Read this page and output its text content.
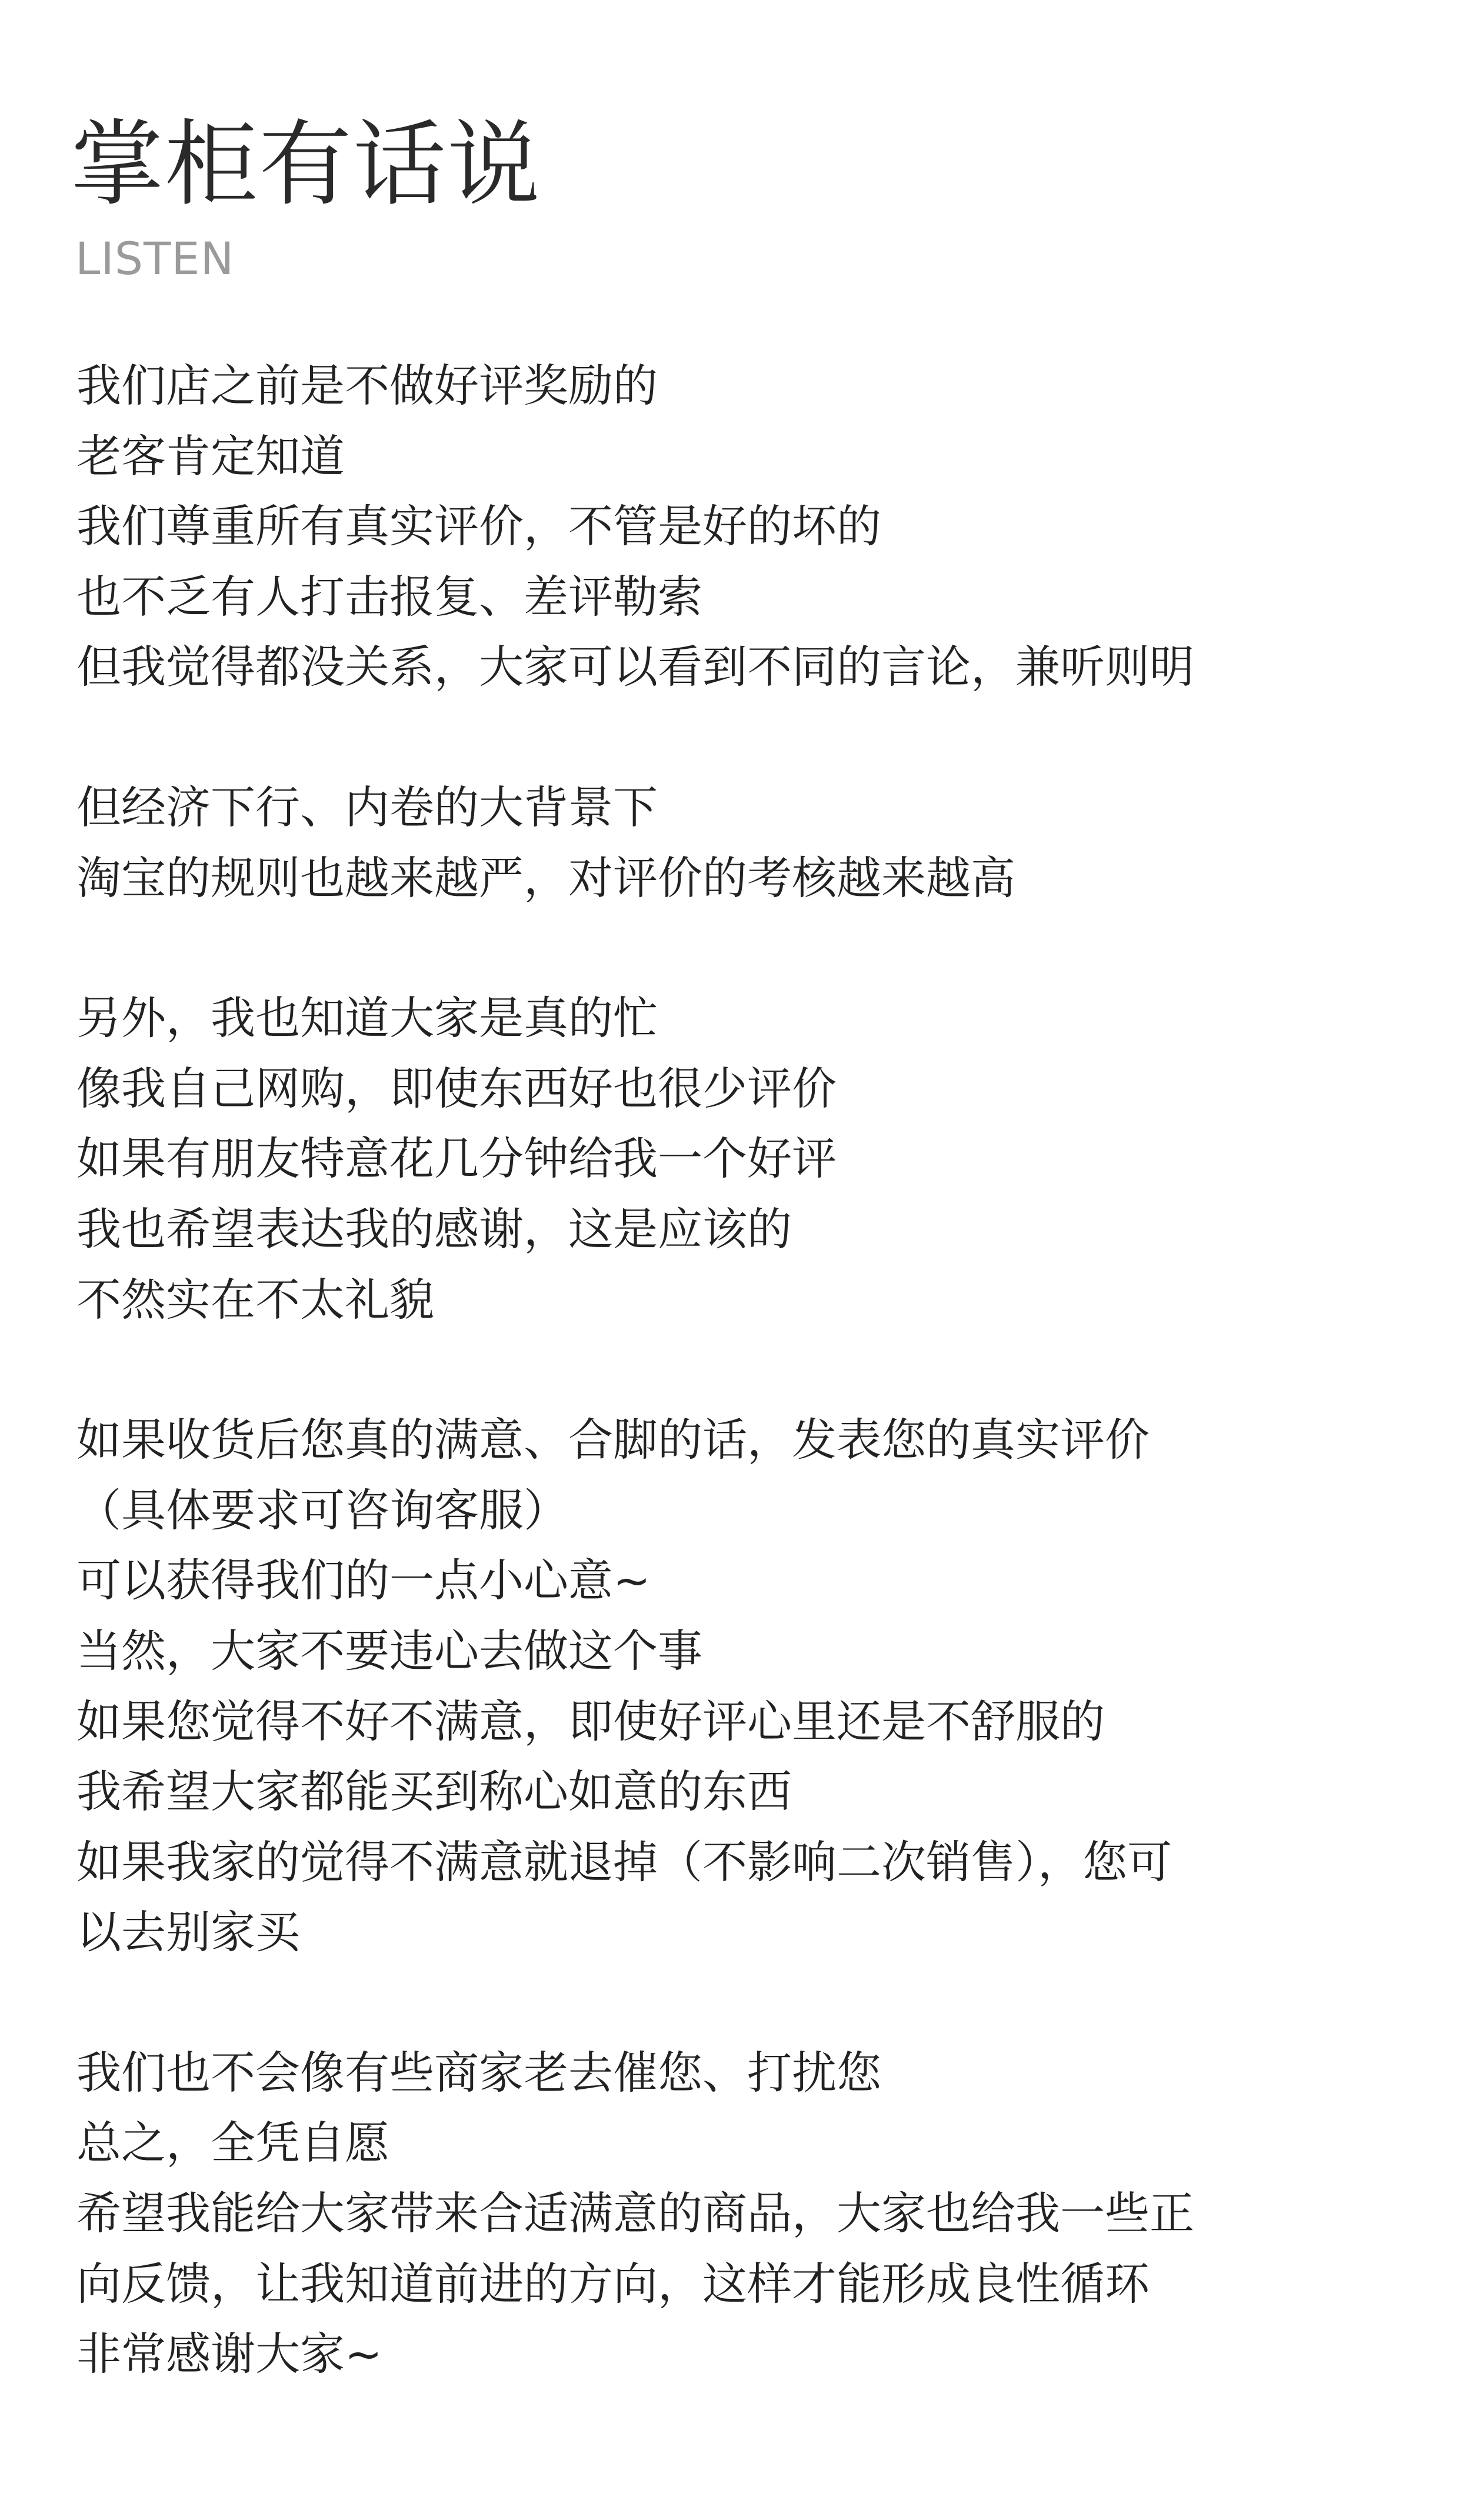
掌柜有话说
LISTEN
我们店之前是不做好评奖励的
老客肯定知道
我们尊重所有真实评价，不管是好的坏的
也不乏有人打击报复、差评勒索
但我觉得都没关系，大家可以看到不同的言论，兼听则明
但经济下行、内卷的大背景下
淘宝的规则也越来越严，对评价的考核越来越高
另外，我也知道大家是真的忙
像我自己网购，即使东西好也很少评价
如果有朋友特意花几分钟给我一个好评
我也希望表达我的感谢，这是应该的
不然实在不太礼貌
如果收货后您真的满意、合脚的话，发表您的真实评价
（具体要求可咨询客服）
可以获得我们的一点小心意~
当然，大家不要违心去做这个事
如果您觉得不好不满意，即使好评心里还是不舒服的
我希望大家都能买到称心如意的东西
如果我家的觉得不满意就退掉（不影响二次销售），您可
以去别家买
我们也不会像有些商家老去催您、打扰您
总之，全凭自愿
希望我能给大家带来合适满意的商品，大家也给我一些正
向反馈，让我知道前进的方向，这样才能形成良性循环
非常感谢大家~
